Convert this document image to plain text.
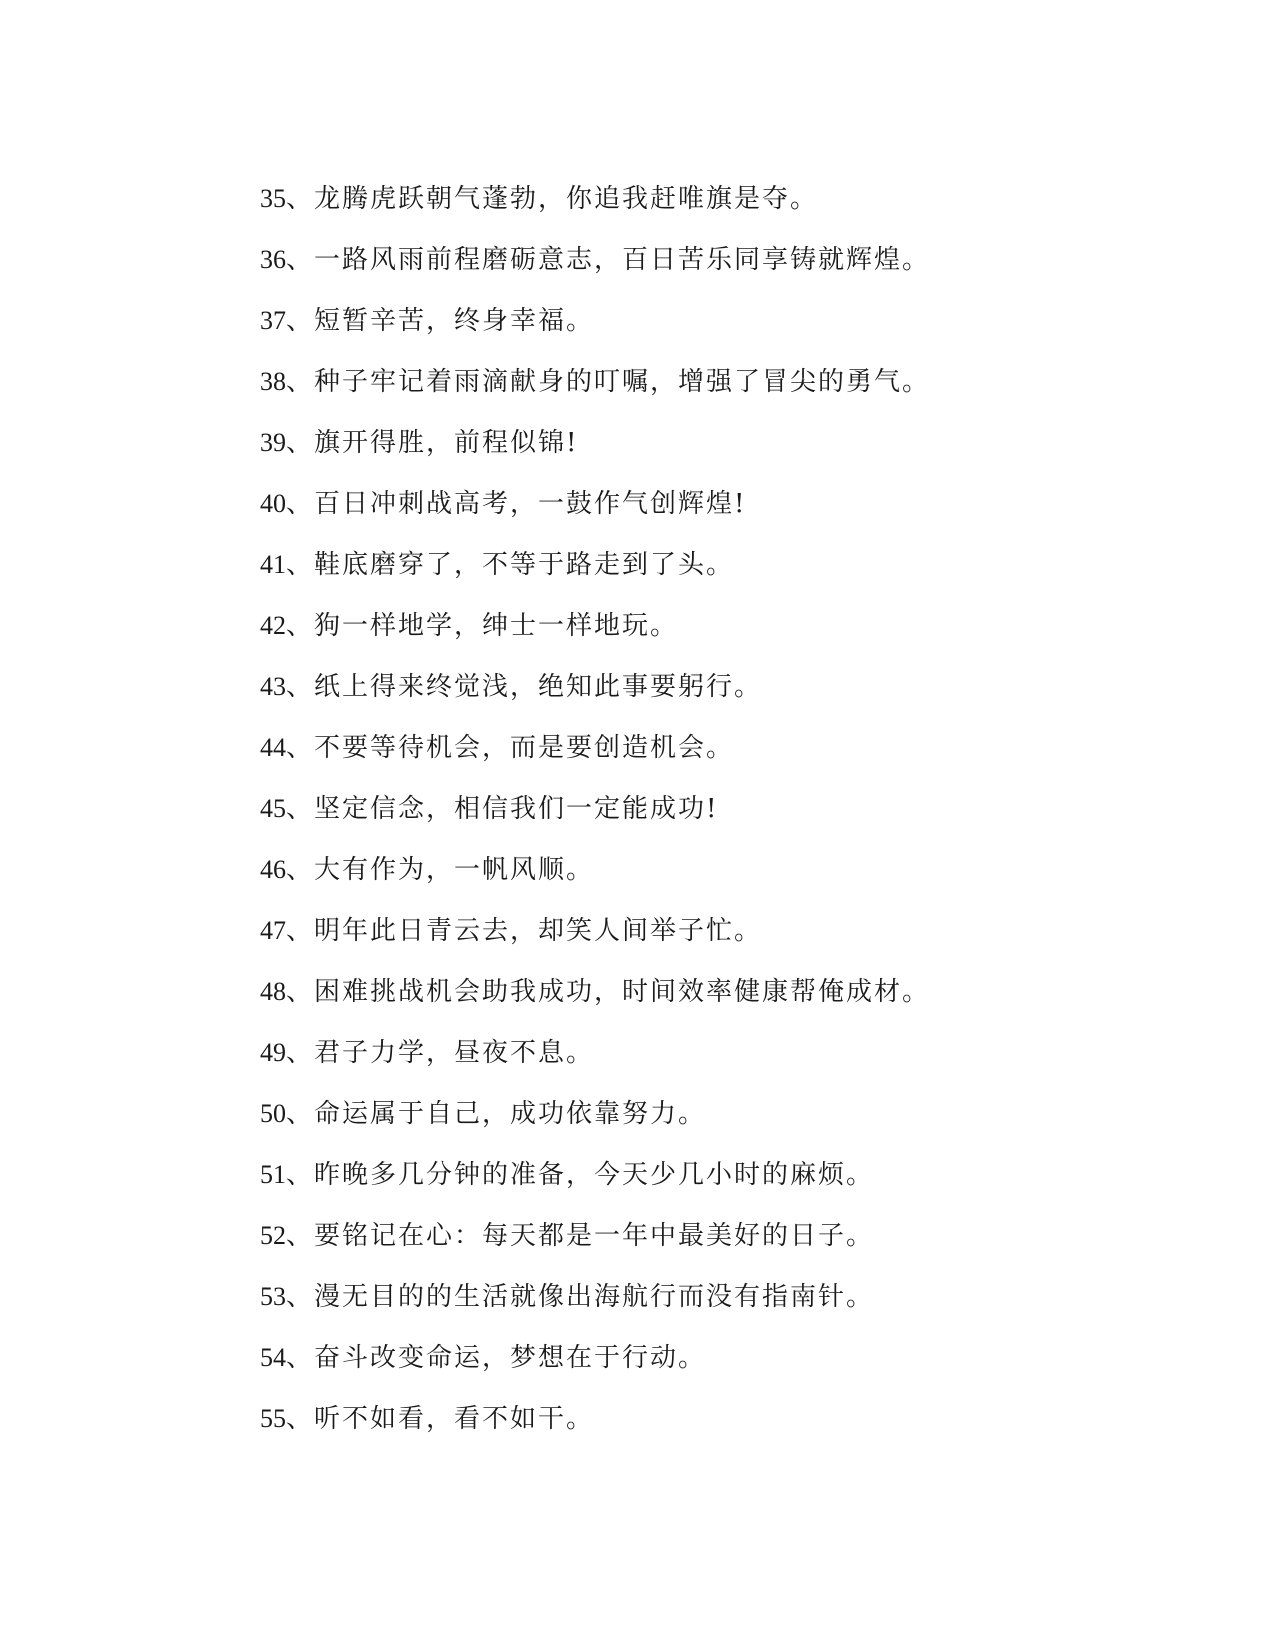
35、龙腾虎跃朝气蓬勃，你追我赶唯旗是夺。
36、一路风雨前程磨砺意志，百日苦乐同享铸就辉煌。
37、短暂辛苦，终身幸福。
38、种子牢记着雨滴献身的叮嘱，增强了冒尖的勇气。
39、旗开得胜，前程似锦!
40、百日冲刺战高考，一鼓作气创辉煌!
41、鞋底磨穿了，不等于路走到了头。
42、狗一样地学，绅士一样地玩。
43、纸上得来终觉浅，绝知此事要躬行。
44、不要等待机会，而是要创造机会。
45、坚定信念，相信我们一定能成功!
46、大有作为，一帆风顺。
47、明年此日青云去，却笑人间举子忙。
48、困难挑战机会助我成功，时间效率健康帮俺成材。
49、君子力学，昼夜不息。
50、命运属于自己，成功依靠努力。
51、昨晚多几分钟的准备，今天少几小时的麻烦。
52、要铭记在心：每天都是一年中最美好的日子。
53、漫无目的的生活就像出海航行而没有指南针。
54、奋斗改变命运，梦想在于行动。
55、听不如看，看不如干。
